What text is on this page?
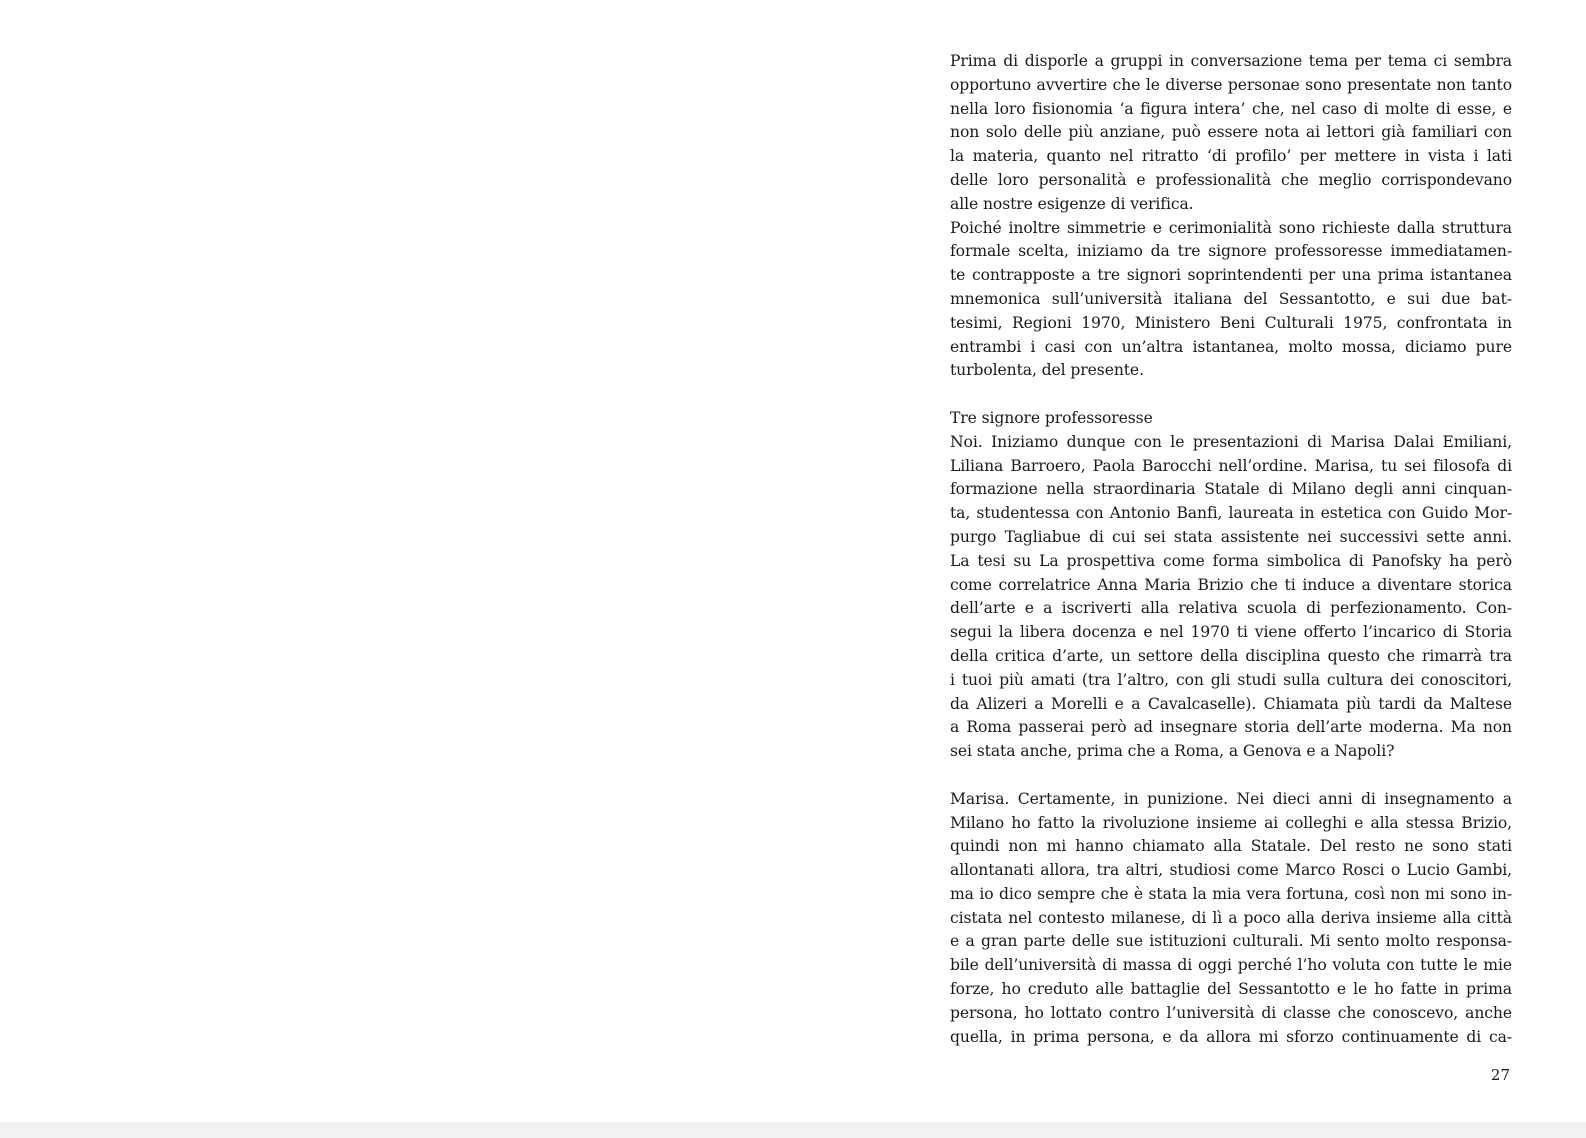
Prima di disporle a gruppi in conversazione tema per tema ci sembra
opportuno avvertire che le diverse personae sono presentate non tanto
nella loro fisionomia ‘a figura intera’ che, nel caso di molte di esse, e
non solo delle più anziane, può essere nota ai lettori già familiari con
la materia, quanto nel ritratto ‘di profilo’ per mettere in vista i lati
delle loro personalità e professionalità che meglio corrispondevano
alle nostre esigenze di verifica.

Poiché inoltre simmetrie e cerimonialità sono richieste dalla struttura
formale scelta, iniziamo da tre signore professoresse immediatamen-
te contrapposte a tre signori soprintendenti per una prima istantanea
mnemonica sull’università italiana del Sessantotto, e sui due bat-
tesimi, Regioni 1970, Ministero Beni Culturali 1975, confrontata in
entrambi i casi con un’altra istantanea, molto mossa, diciamo pure
turbolenta, del presente.

Tre signore professoresse

Noi. Iniziamo dunque con le presentazioni di Marisa Dalai Emiliani,
Liliana Barroero, Paola Barocchi nell’ordine. Marisa, tu sei filosofa di
formazione nella straordinaria Statale di Milano degli anni cinquan-
ta, studentessa con Antonio Banfi, laureata in estetica con Guido Mor-
purgo Tagliabue di cui sei stata assistente nei successivi sette anni.
La tesi su La prospettiva come forma simbolica di Panofsky ha però
come correlatrice Anna Maria Brizio che ti induce a diventare storica
dell’arte e a iscriverti alla relativa scuola di perfezionamento. Con-
segui la libera docenza e nel 1970 ti viene offerto l’incarico di Storia
della critica d’arte, un settore della disciplina questo che rimarrà tra
i tuoi più amati (tra l’altro, con gli studi sulla cultura dei conoscitori,
da Alizeri a Morelli e a Cavalcaselle). Chiamata più tardi da Maltese
a Roma passerai però ad insegnare storia dell’arte moderna. Ma non
sei stata anche, prima che a Roma, a Genova e a Napoli?

Marisa. Certamente, in punizione. Nei dieci anni di insegnamento a
Milano ho fatto la rivoluzione insieme ai colleghi e alla stessa Brizio,
quindi non mi hanno chiamato alla Statale. Del resto ne sono stati
allontanati allora, tra altri, studiosi come Marco Rosci o Lucio Gambi,
ma io dico sempre che è stata la mia vera fortuna, così non mi sono in-
cistata nel contesto milanese, di lì a poco alla deriva insieme alla città
e a gran parte delle sue istituzioni culturali. Mi sento molto responsa-
bile dell’università di massa di oggi perché l’ho voluta con tutte le mie
forze, ho creduto alle battaglie del Sessantotto e le ho fatte in prima
persona, ho lottato contro l’università di classe che conoscevo, anche
quella, in prima persona, e da allora mi sforzo continuamente di ca-

27
